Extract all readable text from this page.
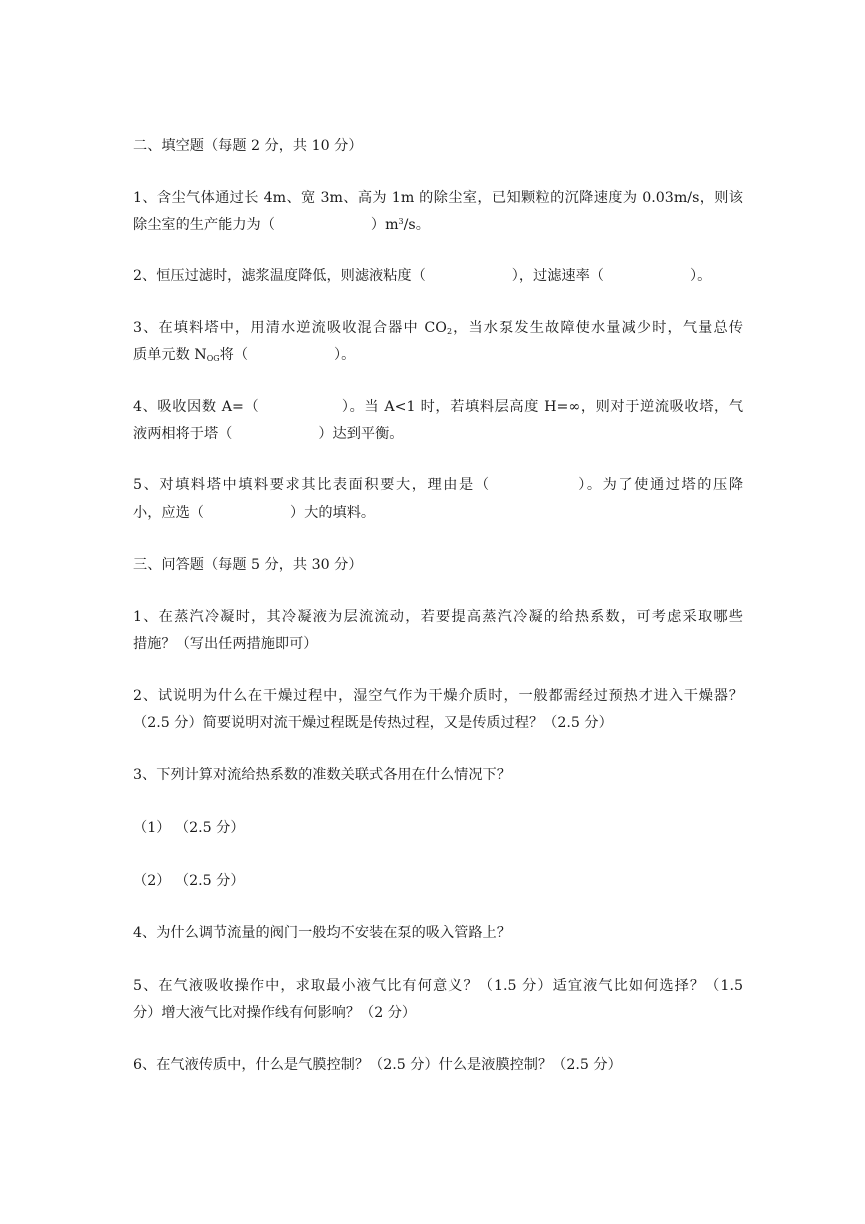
二、填空题（每题 2 分，共 10 分）
1、含尘气体通过长 4m、宽 3m、高为 1m 的除尘室，已知颗粒的沉降速度为 0.03m/s，则该
除尘室的生产能力为（	）$m^3/s$。
2、恒压过滤时，滤浆温度降低，则滤液粘度（	），过滤速率（	）。
3、在填料塔中，用清水逆流吸收混合器中 $CO_2$，当水泵发生故障使水量减少时，气量总传
质单元数 $N_{OG}$将（	）。
4、吸收因数 A=（	）。当 A<1 时，若填料层高度 H=∞，则对于逆流吸收塔，气
液两相将于塔（	）达到平衡。
5、对填料塔中填料要求其比表面积要大，理由是（	）。为了使通过塔的压降
小，应选（	）大的填料。
三、问答题（每题 5 分，共 30 分）
1、在蒸汽冷凝时，其冷凝液为层流流动，若要提高蒸汽冷凝的给热系数，可考虑采取哪些
措施？（写出任两措施即可）
2、试说明为什么在干燥过程中，湿空气作为干燥介质时，一般都需经过预热才进入干燥器？
（2.5 分）简要说明对流干燥过程既是传热过程，又是传质过程？（2.5 分）
3、下列计算对流给热系数的准数关联式各用在什么情况下？
（1） （2.5 分）
（2） （2.5 分）
4、为什么调节流量的阀门一般均不安装在泵的吸入管路上？
5、在气液吸收操作中，求取最小液气比有何意义？（1.5 分）适宜液气比如何选择？（1.5
分）增大液气比对操作线有何影响？（2 分）
6、在气液传质中，什么是气膜控制？（2.5 分）什么是液膜控制？（2.5 分）
